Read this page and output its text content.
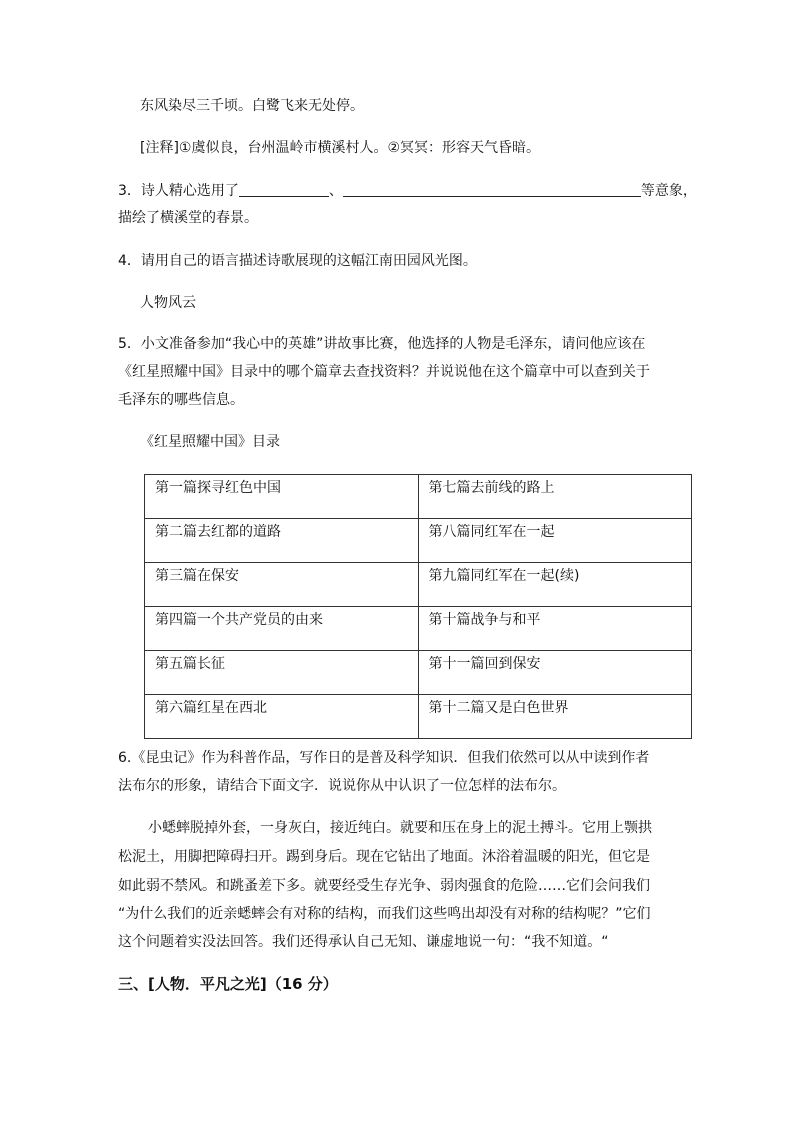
东风染尽三千顷。白鹭飞来无处停。
[注释]①虞似良，台州温岭市横溪村人。②冥冥：形容天气昏暗。
3．诗人精心选用了	、	等意象，
描绘了横溪堂的春景。
4．请用自己的语言描述诗歌展现的这幅江南田园风光图。
人物风云
5．小文准备参加“我心中的英雄”讲故事比赛，他选择的人物是毛泽东，请问他应该在
《红星照耀中国》目录中的哪个篇章去查找资料？并说说他在这个篇章中可以查到关于
毛泽东的哪些信息。
《红星照耀中国》目录
第一篇探寻红色中国	第七篇去前线的路上
第二篇去红都的道路	第八篇同红军在一起
第三篇在保安	第九篇同红军在一起(续)
第四篇一个共产党员的由来	第十篇战争与和平
第五篇长征	第十一篇回到保安
第六篇红星在西北	第十二篇又是白色世界
6.《昆虫记》作为科普作品，写作日的是普及科学知识．但我们依然可以从中读到作者
法布尔的形象，请结合下面文字．说说你从中认识了一位怎样的法布尔。
小蟋蟀脱掉外套，一身灰白，接近纯白。就要和压在身上的泥土搏斗。它用上颚拱
松泥土，用脚把障碍扫开。踢到身后。现在它钻出了地面。沐浴着温暖的阳光，但它是
如此弱不禁风。和跳蚤差下多。就要经受生存光争、弱肉强食的危险……它们会问我们
“为什么我们的近亲蟋蟀会有对称的结构，而我们这些鸣出却没有对称的结构呢？”它们
这个问题着实没法回答。我们还得承认自己无知、谦虚地说一句：“我不知道。“
三、[人物．平凡之光]（16 分）
